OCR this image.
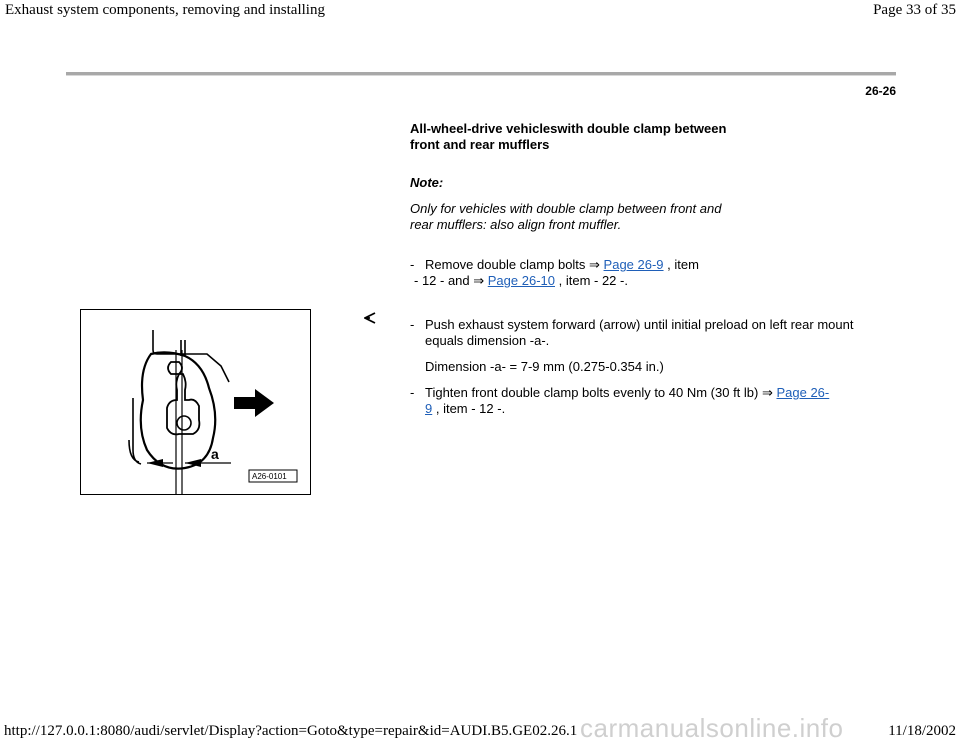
Exhaust system components, removing and installing	Page 33 of 35
26-26
All-wheel-drive vehicleswith double clamp between front and rear mufflers
Note:
Only for vehicles with double clamp between front and rear mufflers: also align front muffler.
- Remove double clamp bolts ⇒ Page 26-9 , item
- 12 - and ⇒ Page 26-10 , item - 22 -.
- Push exhaust system forward (arrow) until initial preload on left rear mount equals dimension -a-.
Dimension -a- = 7-9 mm (0.275-0.354 in.)
- Tighten front double clamp bolts evenly to 40 Nm (30 ft lb) ⇒ Page 26-
9 , item - 12 -.
a
A26-0101
carmanualsonline.info
http://127.0.0.1:8080/audi/servlet/Display?action=Goto&type=repair&id=AUDI.B5.GE02.26.1	11/18/2002
